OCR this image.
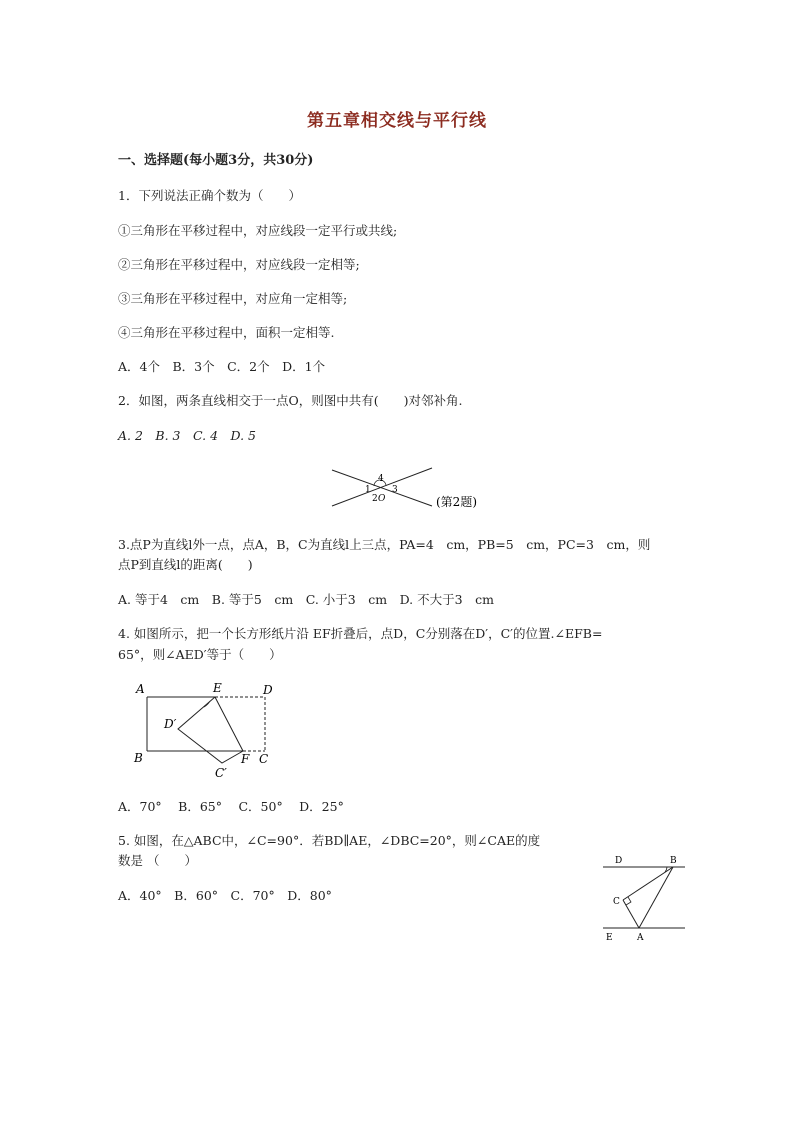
第五章相交线与平行线
一、选择题(每小题3分，共30分)
1．下列说法正确个数为（　　）
①三角形在平移过程中，对应线段一定平行或共线;
②三角形在平移过程中，对应线段一定相等;
③三角形在平移过程中，对应角一定相等;
④三角形在平移过程中，面积一定相等.
A．4个　B．3个　C．2个　D．1个
2．如图，两条直线相交于一点O，则图中共有(　　)对邻补角.
A. 2　B. 3　C. 4　D. 5
4
1 3
2 O	(第2题)
3.点P为直线l外一点，点A，B，C为直线l上三点，PA=4　cm，PB=5　cm，PC=3　cm，则
点P到直线l的距离(　　)
A. 等于4　cm　B. 等于5　cm　C. 小于3　cm　D. 不大于3　cm
4. 如图所示，把一个长方形纸片沿 EF折叠后，点D，C分别落在D′，C′的位置.∠EFB=
65°，则∠AED′等于（　　）
A	E	D
D′
B	F C
C′
A．70°　 B．65°　 C．50°　 D．25°
5. 如图，在△ABC中，∠C=90°．若BD∥AE，∠DBC=20°，则∠CAE的度
数是 （　　）
A．40°　B．60°　C．70°　D．80°
D	B
C
E	A
